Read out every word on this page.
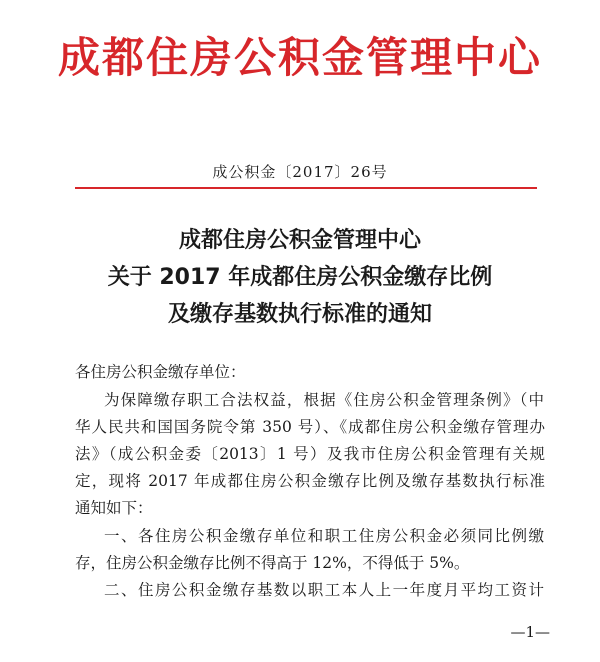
成都住房公积金管理中心
成公积金〔2017〕26号
成都住房公积金管理中心
关于 2017 年成都住房公积金缴存比例
及缴存基数执行标准的通知
各住房公积金缴存单位：
为保障缴存职工合法权益，根据《住房公积金管理条例》（中
华人民共和国国务院令第 350 号）、《成都住房公积金缴存管理办
法》（成公积金委〔2013〕1 号）及我市住房公积金管理有关规
定，现将 2017 年成都住房公积金缴存比例及缴存基数执行标准
通知如下：
一、各住房公积金缴存单位和职工住房公积金必须同比例缴
存，住房公积金缴存比例不得高于 12%，不得低于 5%。
二、住房公积金缴存基数以职工本人上一年度月平均工资计
—1—
